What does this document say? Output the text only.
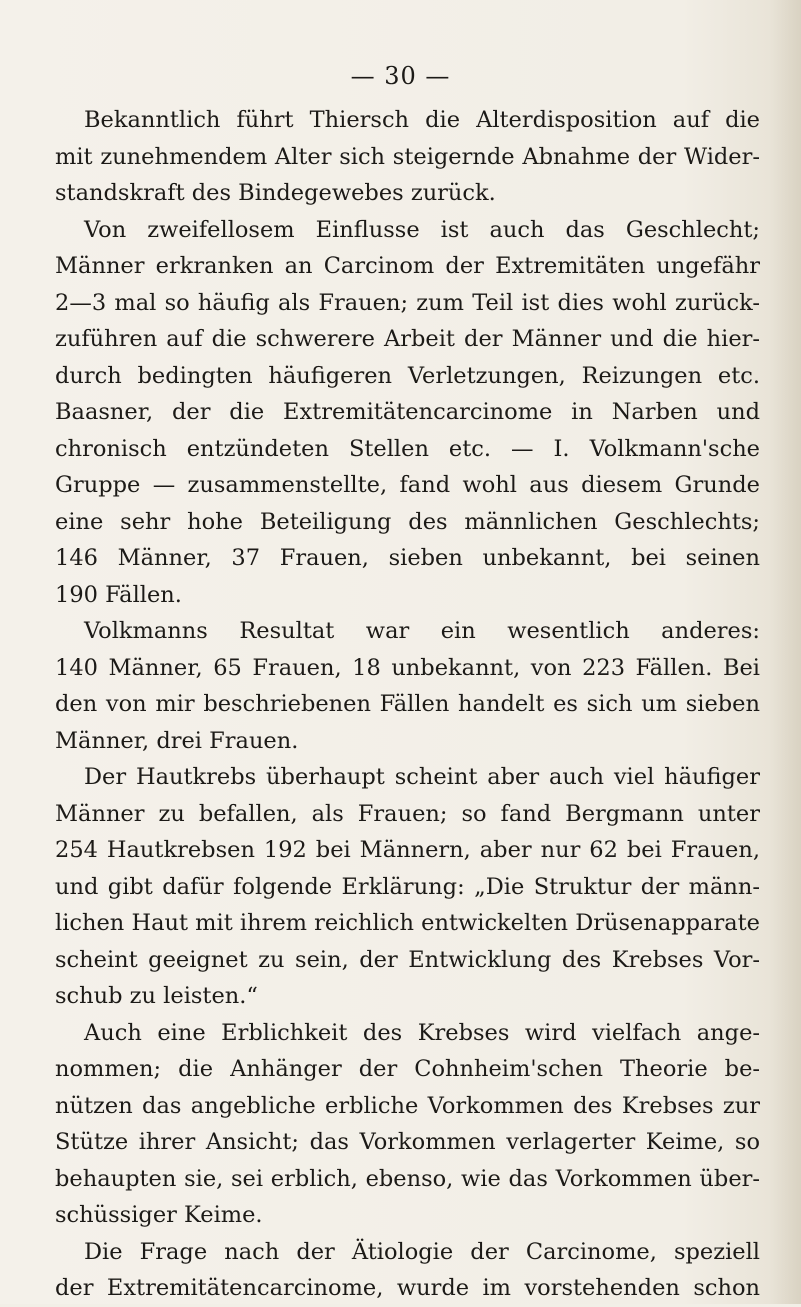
— 30 —
Bekanntlich führt Thiersch die Alterdisposition auf die
mit zunehmendem Alter sich steigernde Abnahme der Wider-
standskraft des Bindegewebes zurück.
Von zweifellosem Einflusse ist auch das Geschlecht;
Männer erkranken an Carcinom der Extremitäten ungefähr
2—3 mal so häufig als Frauen; zum Teil ist dies wohl zurück-
zuführen auf die schwerere Arbeit der Männer und die hier-
durch bedingten häufigeren Verletzungen, Reizungen etc.
Baasner, der die Extremitätencarcinome in Narben und
chronisch entzündeten Stellen etc. — I. Volkmann'sche
Gruppe — zusammenstellte, fand wohl aus diesem Grunde
eine sehr hohe Beteiligung des männlichen Geschlechts;
146 Männer, 37 Frauen, sieben unbekannt, bei seinen
190 Fällen.
Volkmanns Resultat war ein wesentlich anderes:
140 Männer, 65 Frauen, 18 unbekannt, von 223 Fällen. Bei
den von mir beschriebenen Fällen handelt es sich um sieben
Männer, drei Frauen.
Der Hautkrebs überhaupt scheint aber auch viel häufiger
Männer zu befallen, als Frauen; so fand Bergmann unter
254 Hautkrebsen 192 bei Männern, aber nur 62 bei Frauen,
und gibt dafür folgende Erklärung: „Die Struktur der männ-
lichen Haut mit ihrem reichlich entwickelten Drüsenapparate
scheint geeignet zu sein, der Entwicklung des Krebses Vor-
schub zu leisten.“
Auch eine Erblichkeit des Krebses wird vielfach ange-
nommen; die Anhänger der Cohnheim'schen Theorie be-
nützen das angebliche erbliche Vorkommen des Krebses zur
Stütze ihrer Ansicht; das Vorkommen verlagerter Keime, so
behaupten sie, sei erblich, ebenso, wie das Vorkommen über-
schüssiger Keime.
Die Frage nach der Ätiologie der Carcinome, speziell
der Extremitätencarcinome, wurde im vorstehenden schon
